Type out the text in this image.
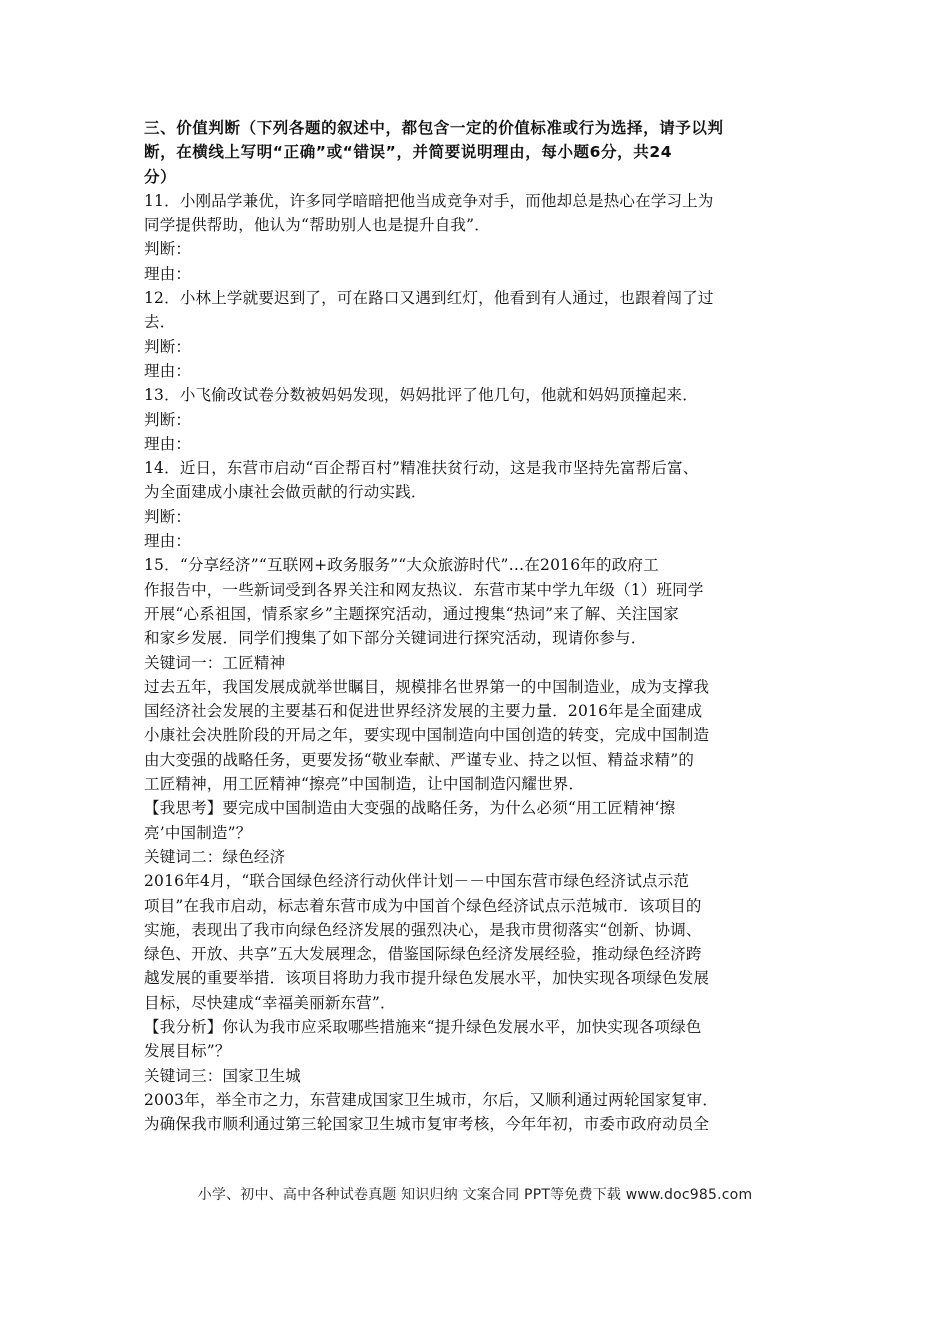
三、价值判断（下列各题的叙述中，都包含一定的价值标准或行为选择，请予以判
断，在横线上写明“正确”或“错误”，并简要说明理由，每小题6分，共24
分）
11．小刚品学兼优，许多同学暗暗把他当成竞争对手，而他却总是热心在学习上为
同学提供帮助，他认为“帮助别人也是提升自我”．
判断：
理由：
12．小林上学就要迟到了，可在路口又遇到红灯，他看到有人通过，也跟着闯了过
去．
判断：
理由：
13．小飞偷改试卷分数被妈妈发现，妈妈批评了他几句，他就和妈妈顶撞起来．
判断：
理由：
14．近日，东营市启动“百企帮百村”精准扶贫行动，这是我市坚持先富帮后富、
为全面建成小康社会做贡献的行动实践．
判断：
理由：
15．“分享经济”“互联网+政务服务”“大众旅游时代”…在2016年的政府工
作报告中，一些新词受到各界关注和网友热议．东营市某中学九年级（1）班同学
开展“心系祖国，情系家乡”主题探究活动，通过搜集“热词”来了解、关注国家
和家乡发展．同学们搜集了如下部分关键词进行探究活动，现请你参与．
关键词一：工匠精神
过去五年，我国发展成就举世瞩目，规模排名世界第一的中国制造业，成为支撑我
国经济社会发展的主要基石和促进世界经济发展的主要力量．2016年是全面建成
小康社会决胜阶段的开局之年，要实现中国制造向中国创造的转变，完成中国制造
由大变强的战略任务，更要发扬“敬业奉献、严谨专业、持之以恒、精益求精”的
工匠精神，用工匠精神“擦亮”中国制造，让中国制造闪耀世界．
【我思考】要完成中国制造由大变强的战略任务，为什么必须“用工匠精神‘擦
亮’中国制造”？
关键词二：绿色经济
2016年4月，“联合国绿色经济行动伙伴计划－－中国东营市绿色经济试点示范
项目”在我市启动，标志着东营市成为中国首个绿色经济试点示范城市．该项目的
实施，表现出了我市向绿色经济发展的强烈决心，是我市贯彻落实“创新、协调、
绿色、开放、共享”五大发展理念，借鉴国际绿色经济发展经验，推动绿色经济跨
越发展的重要举措．该项目将助力我市提升绿色发展水平，加快实现各项绿色发展
目标，尽快建成“幸福美丽新东营”．
【我分析】你认为我市应采取哪些措施来“提升绿色发展水平，加快实现各项绿色
发展目标”？
关键词三：国家卫生城
2003年，举全市之力，东营建成国家卫生城市，尔后，又顺利通过两轮国家复审．
为确保我市顺利通过第三轮国家卫生城市复审考核，今年年初，市委市政府动员全
小学、初中、高中各种试卷真题 知识归纳 文案合同 PPT等免费下载 www.doc985.com
